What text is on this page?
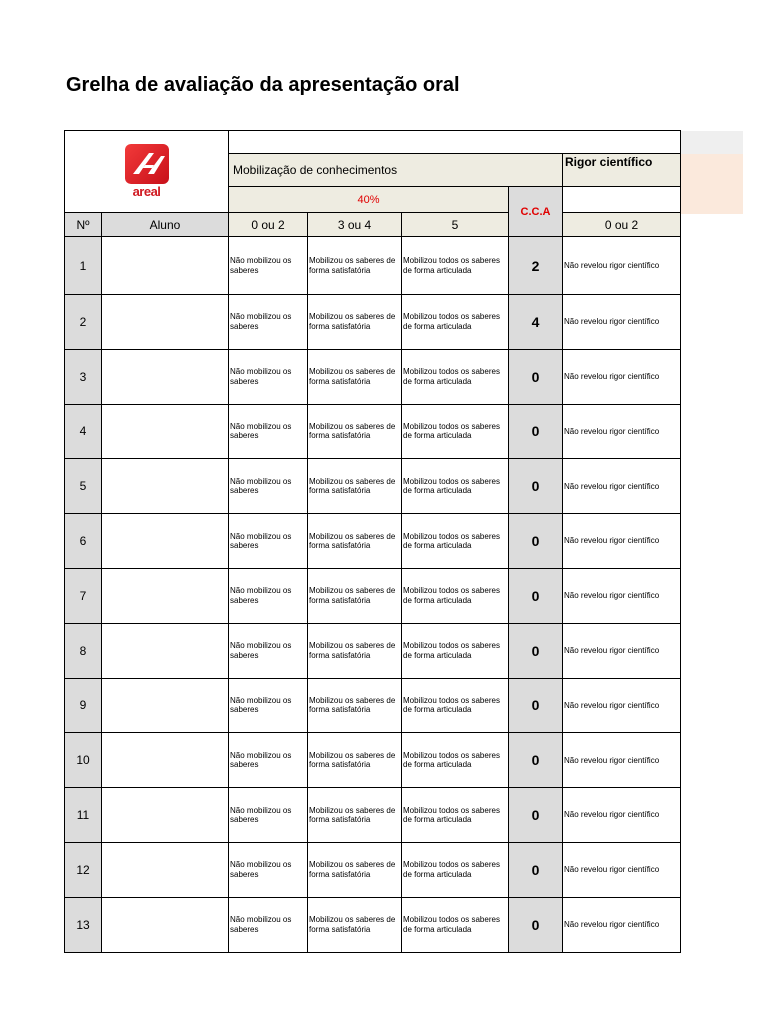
Grelha de avaliação da apresentação oral
areal						

		Mobilização de conhecimentos				Rigor científico
		40%			C.C.A	
Nº	Aluno	0 ou 2	3 ou 4	5		0 ou 2
1		Não mobilizou os saberes	Mobilizou os saberes de forma satisfatória	Mobilizou todos os saberes de forma articulada	2	Não revelou rigor científico
2		Não mobilizou os saberes	Mobilizou os saberes de forma satisfatória	Mobilizou todos os saberes de forma articulada	4	Não revelou rigor científico
3		Não mobilizou os saberes	Mobilizou os saberes de forma satisfatória	Mobilizou todos os saberes de forma articulada	0	Não revelou rigor científico
4		Não mobilizou os saberes	Mobilizou os saberes de forma satisfatória	Mobilizou todos os saberes de forma articulada	0	Não revelou rigor científico
5		Não mobilizou os saberes	Mobilizou os saberes de forma satisfatória	Mobilizou todos os saberes de forma articulada	0	Não revelou rigor científico
6		Não mobilizou os saberes	Mobilizou os saberes de forma satisfatória	Mobilizou todos os saberes de forma articulada	0	Não revelou rigor científico
7		Não mobilizou os saberes	Mobilizou os saberes de forma satisfatória	Mobilizou todos os saberes de forma articulada	0	Não revelou rigor científico
8		Não mobilizou os saberes	Mobilizou os saberes de forma satisfatória	Mobilizou todos os saberes de forma articulada	0	Não revelou rigor científico
9		Não mobilizou os saberes	Mobilizou os saberes de forma satisfatória	Mobilizou todos os saberes de forma articulada	0	Não revelou rigor científico
10		Não mobilizou os saberes	Mobilizou os saberes de forma satisfatória	Mobilizou todos os saberes de forma articulada	0	Não revelou rigor científico
11		Não mobilizou os saberes	Mobilizou os saberes de forma satisfatória	Mobilizou todos os saberes de forma articulada	0	Não revelou rigor científico
12		Não mobilizou os saberes	Mobilizou os saberes de forma satisfatória	Mobilizou todos os saberes de forma articulada	0	Não revelou rigor científico
13		Não mobilizou os saberes	Mobilizou os saberes de forma satisfatória	Mobilizou todos os saberes de forma articulada	0	Não revelou rigor científico
